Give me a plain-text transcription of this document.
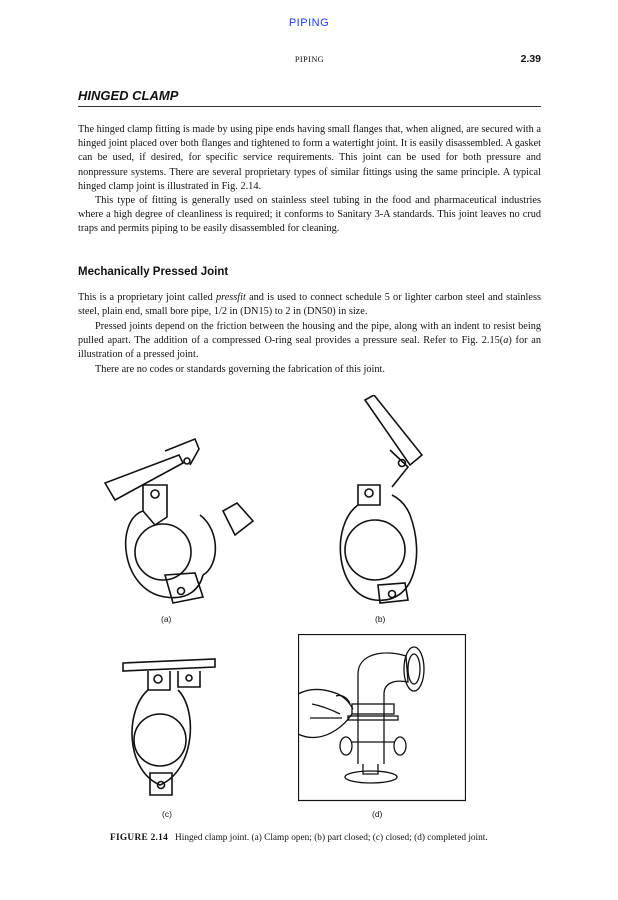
PIPING
PIPING	2.39
HINGED CLAMP

The hinged clamp fitting is made by using pipe ends having small flanges that, when aligned, are secured with a hinged joint placed over both flanges and tightened to form a watertight joint. It is easily disassembled. A gasket can be used, if desired, for specific service requirements. This joint can be used for both pressure and nonpressure systems. There are several proprietary types of similar fittings using the same principle. A typical hinged clamp joint is illustrated in Fig. 2.14.

This type of fitting is generally used on stainless steel tubing in the food and pharmaceutical industries where a high degree of cleanliness is required; it conforms to Sanitary 3-A standards. This joint leaves no crud traps and permits piping to be easily disassembled for cleaning.

Mechanically Pressed Joint

This is a proprietary joint called pressfit and is used to connect schedule 5 or lighter carbon steel and stainless steel, plain end, small bore pipe, 1/2 in (DN15) to 2 in (DN50) in size.

Pressed joints depend on the friction between the housing and the pipe, along with an indent to resist being pulled apart. The addition of a compressed O-ring seal provides a pressure seal. Refer to Fig. 2.15(a) for an illustration of a pressed joint.

There are no codes or standards governing the fabrication of this joint.

(a)	(b)
(c)	(d)

FIGURE 2.14 Hinged clamp joint. (a) Clamp open; (b) part closed; (c) closed; (d) completed joint.
